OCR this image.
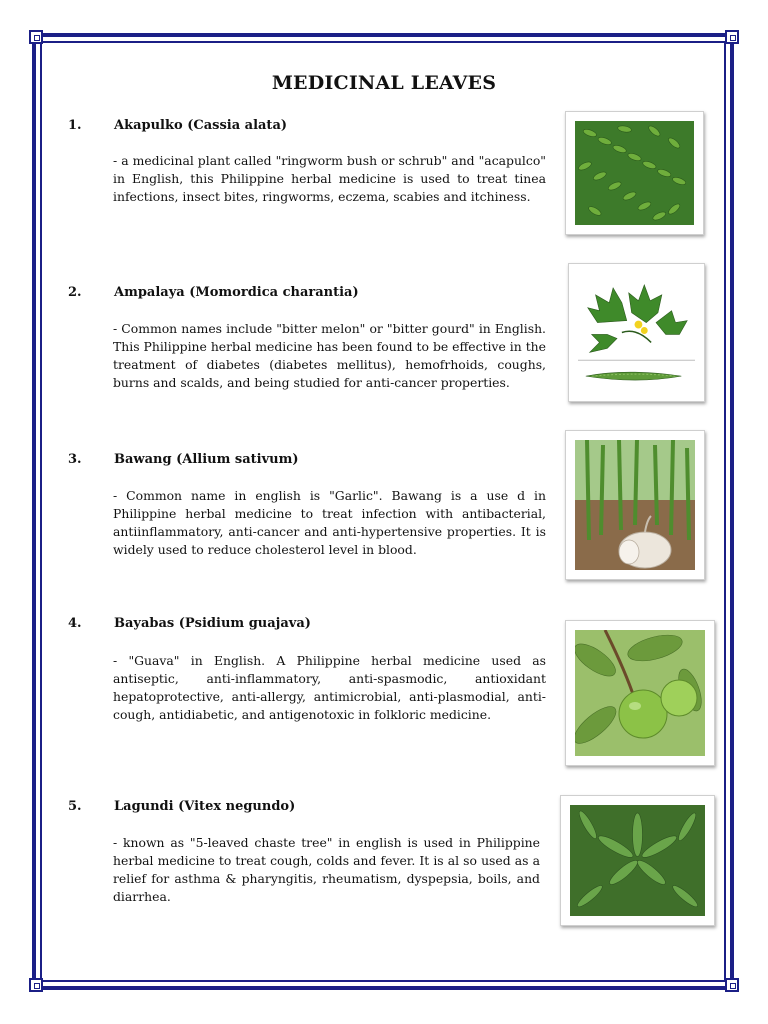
MEDICINAL LEAVES
1. Akapulko (Cassia alata)

- a medicinal plant called "ringworm bush or schrub" and "acapulco" in English, this Philippine herbal medicine is used to treat tinea infections, insect bites, ringworms, eczema, scabies and itchiness.

2. Ampalaya (Momordica charantia)

- Common names include "bitter melon" or "bitter gourd" in English. This Philippine herbal medicine has been found to be effective in the treatment of diabetes (diabetes mellitus), hemofrhoids, coughs, burns and scalds, and being studied for anti-cancer properties.

3. Bawang (Allium sativum)

- Common name in english is "Garlic". Bawang is a use d in Philippine herbal medicine to treat infection with antibacterial, antiinflammatory, anti-cancer and anti-hypertensive properties. It is widely used to reduce cholesterol level in blood.

4. Bayabas (Psidium guajava)

- "Guava" in English. A Philippine herbal medicine used as antiseptic, anti-inflammatory, anti-spasmodic, antioxidant hepatoprotective, anti-allergy, antimicrobial, anti-plasmodial, anti-cough, antidiabetic, and antigenotoxic in folkloric medicine.

5. Lagundi (Vitex negundo)

- known as "5-leaved chaste tree" in english is used in Philippine herbal medicine to treat cough, colds and fever. It is al so used as a relief for asthma & pharyngitis, rheumatism, dyspepsia, boils, and diarrhea.
